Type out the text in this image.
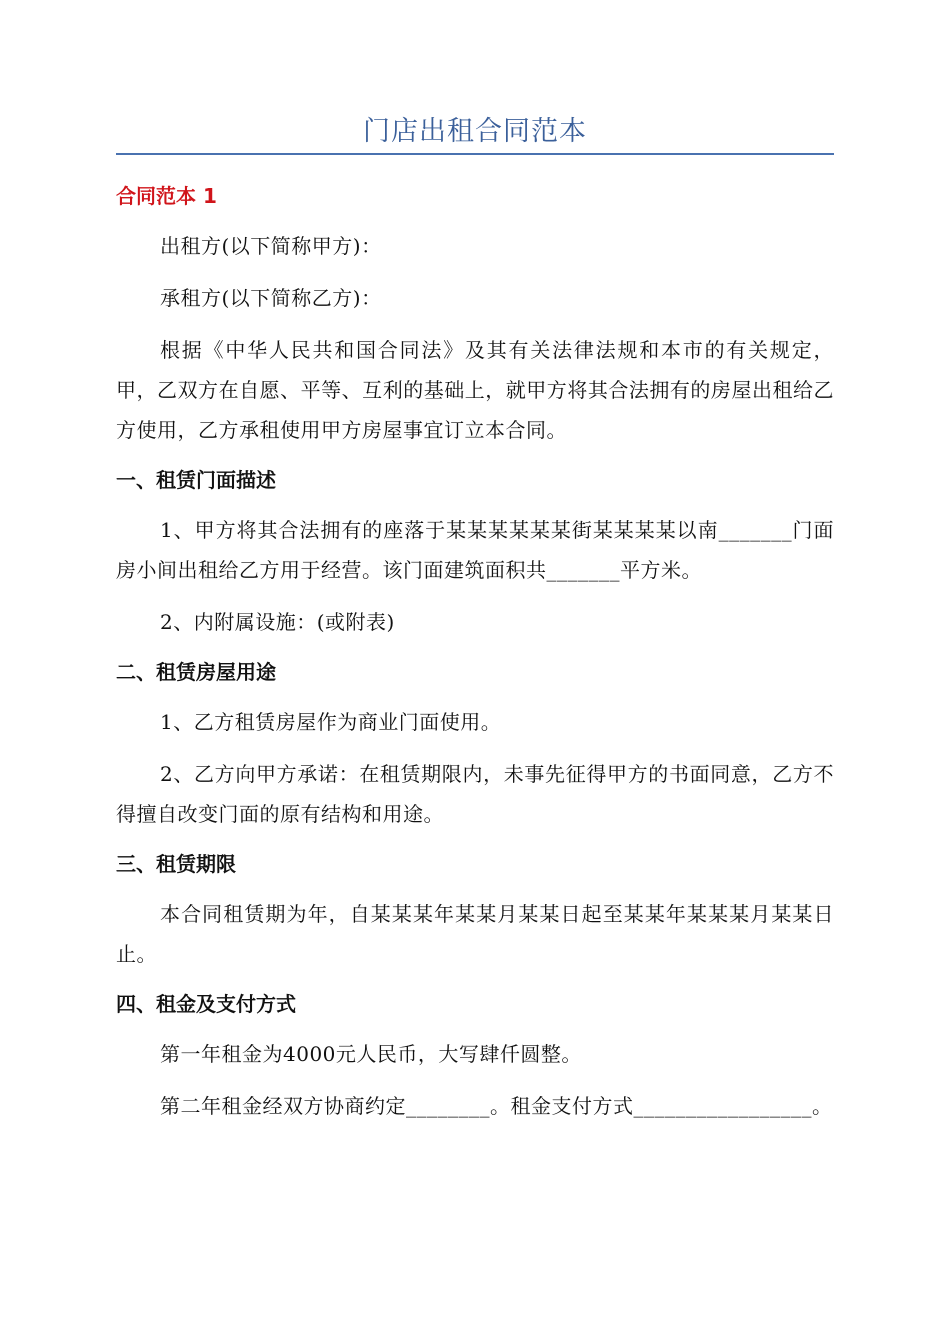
门店出租合同范本
合同范本 1

出租方(以下简称甲方)：

承租方(以下简称乙方)：

根据《中华人民共和国合同法》及其有关法律法规和本市的有关规定，甲，乙双方在自愿、平等、互利的基础上，就甲方将其合法拥有的房屋出租给乙方使用，乙方承租使用甲方房屋事宜订立本合同。

一、租赁门面描述

1、甲方将其合法拥有的座落于某某某某某某街某某某某以南_______门面房小间出租给乙方用于经营。该门面建筑面积共_______平方米。

2、内附属设施：(或附表)

二、租赁房屋用途

1、乙方租赁房屋作为商业门面使用。

2、乙方向甲方承诺：在租赁期限内，未事先征得甲方的书面同意，乙方不得擅自改变门面的原有结构和用途。

三、租赁期限

本合同租赁期为年，自某某某年某某月某某日起至某某年某某某月某某日止。

四、租金及支付方式

第一年租金为4000元人民币，大写肆仟圆整。

第二年租金经双方协商约定________。租金支付方式_________________。
